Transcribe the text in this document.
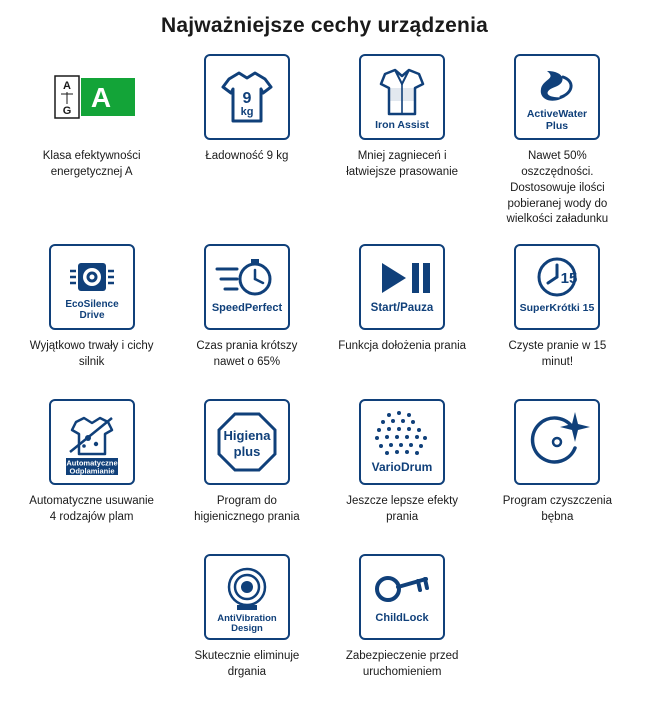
Najważniejsze cechy urządzenia
A
G A
Klasa efektywności energetycznej A
9
kg
Ładowność 9 kg
Iron Assist
Mniej zagnieceń i łatwiejsze prasowanie
ActiveWater
Plus
Nawet 50% oszczędności. Dostosowuje ilości pobieranej wody do wielkości załadunku
EcoSilence
Drive
Wyjątkowo trwały i cichy silnik
SpeedPerfect
Czas prania krótszy nawet o 65%
Start/Pauza
Funkcja dołożenia prania
15
SuperKrótki 15
Czyste pranie w 15 minut!
Automatyczne
Odplamianie
Automatyczne usuwanie 4 rodzajów plam
Higiena
plus
Program do higienicznego prania
VarioDrum
Jeszcze lepsze efekty prania
Program czyszczenia bębna
AntiVibration
Design
Skutecznie eliminuje drgania
ChildLock
Zabezpieczenie przed uruchomieniem
